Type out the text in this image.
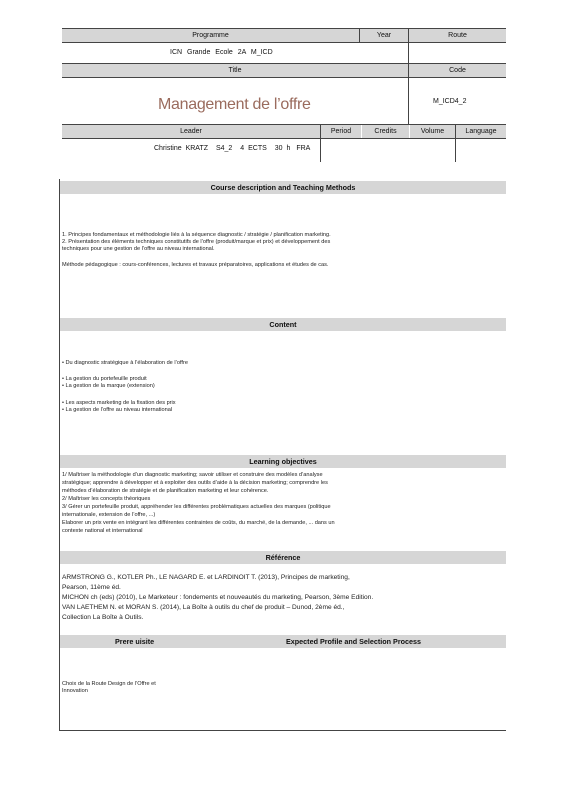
Programme	Year	Route
ICN Grande Ecole 2A M_ICD
Title	Code
Management de l’offre	M_ICD4_2
Leader	Period	Credits	Volume	Language
Christine KRATZ S4_2 4 ECTS 30 h FRA
Course description and Teaching Methods
1. Principes fondamentaux et méthodologie liés à la séquence diagnostic / stratégie / planification marketing.
2. Présentation des éléments techniques constitutifs de l’offre (produit/marque et prix) et développement des
techniques pour une gestion de l’offre au niveau international.
Méthode pédagogique : cours-conférences, lectures et travaux préparatoires, applications et études de cas.
Content
• Du diagnostic stratégique à l’élaboration de l’offre
• La gestion du portefeuille produit
• La gestion de la marque (extension)
• Les aspects marketing de la fixation des prix
• La gestion de l’offre au niveau international
Learning objectives
1/ Maîtriser la méthodologie d’un diagnostic marketing; savoir utiliser et construire des modèles d’analyse
stratégique; apprendre à développer et à exploiter des outils d’aide à la décision marketing; comprendre les
méthodes d’élaboration de stratégie et de planification marketing et leur cohérence.
2/ Maîtriser les concepts théoriques
3/ Gérer un portefeuille produit, appréhender les différentes problématiques actuelles des marques (politique
internationale, extension de l’offre, ...)
Elaborer un prix vente en intégrant les différentes contraintes de coûts, du marché, de la demande, ... dans un
contexte national et international
Référence
ARMSTRONG G., KOTLER Ph., LE NAGARD E. et LARDINOIT T. (2013), Principes de marketing,
Pearson, 11ème éd.
MICHON ch (eds) (2010), Le Marketeur : fondements et nouveautés du marketing, Pearson, 3ème Edition.
VAN LAETHEM N. et MORAN S. (2014), La Boîte à outils du chef de produit – Dunod, 2ème éd.,
Collection La Boîte à Outils.
Prere uisite	Expected Profile and Selection Process
Choix de la Route Design de l’Offre et
Innovation
